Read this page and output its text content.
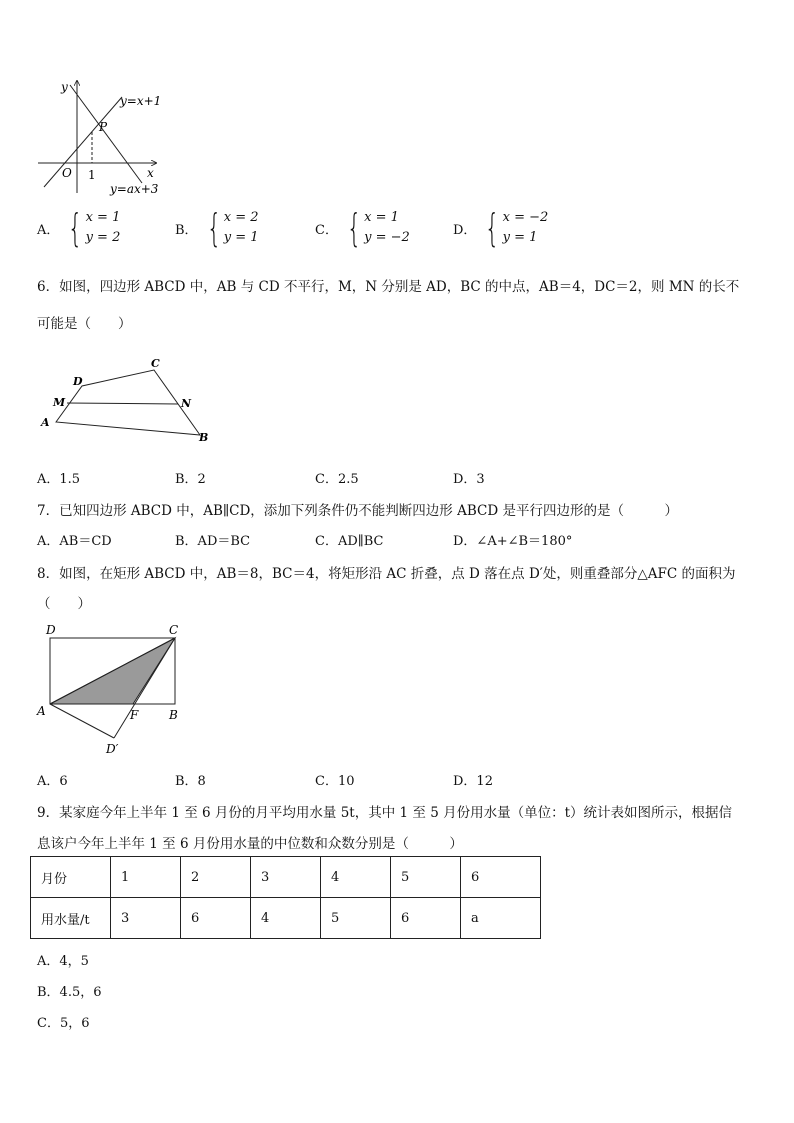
y
x
O 1
P
y=x+1
y=ax+3
A． { x = 1
y = 2	B． { x = 2
y = 1	C． { x = 1
y = −2	D． { x = −2
y = 1
6．如图，四边形 ABCD 中，AB 与 CD 不平行，M，N 分别是 AD，BC 的中点，AB＝4，DC＝2，则 MN 的长不
可能是（　　）
A
B
C
D
M	N
A．1.5	B．2	C．2.5	D．3
7．已知四边形 ABCD 中，AB∥CD，添加下列条件仍不能判断四边形 ABCD 是平行四边形的是（　　　）
A．AB＝CD	B．AD＝BC	C．AD∥BC	D．∠A+∠B＝180°
8．如图，在矩形 ABCD 中，AB＝8，BC＝4，将矩形沿 AC 折叠，点 D 落在点 D′处，则重叠部分△AFC 的面积为
（　　）
D	C
A	F	B
D′
A．6	B．8	C．10	D．12
9．某家庭今年上半年 1 至 6 月份的月平均用水量 5t，其中 1 至 5 月份用水量（单位：t）统计表如图所示，根据信
息该户今年上半年 1 至 6 月份用水量的中位数和众数分别是（　　　）
月份	1	2	3	4	5	6
用水量/t	3	6	4	5	6	a
A．4，5
B．4.5，6
C．5，6
